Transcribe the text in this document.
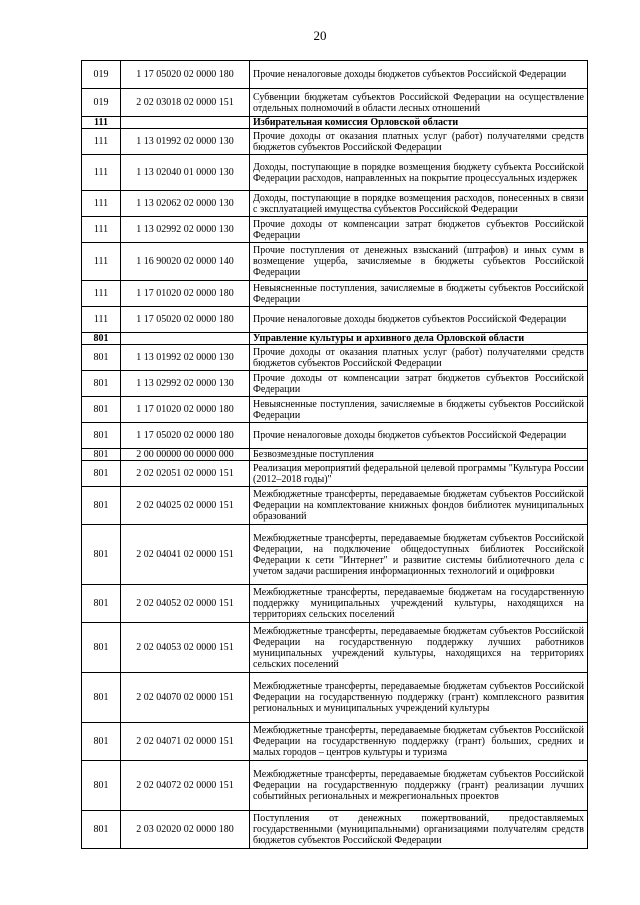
20
019	1 17 05020 02 0000 180	Прочие неналоговые доходы бюджетов субъектов Российской Федерации
019	2 02 03018 02 0000 151	Субвенции бюджетам субъектов Российской Федерации на осуществление отдельных полномочий в области лесных отношений
111		Избирательная комиссия Орловской области
111	1 13 01992 02 0000 130	Прочие доходы от оказания платных услуг (работ) получателями средств бюджетов субъектов Российской Федерации
111	1 13 02040 01 0000 130	Доходы, поступающие в порядке возмещения бюджету субъекта Российской Федерации расходов, направленных на покрытие процессуальных издержек
111	1 13 02062 02 0000 130	Доходы, поступающие в порядке возмещения расходов, понесенных в связи с эксплуатацией имущества субъектов Российской Федерации
111	1 13 02992 02 0000 130	Прочие доходы от компенсации затрат бюджетов субъектов Российской Федерации
111	1 16 90020 02 0000 140	Прочие поступления от денежных взысканий (штрафов) и иных сумм в возмещение ущерба, зачисляемые в бюджеты субъектов Российской Федерации
111	1 17 01020 02 0000 180	Невыясненные поступления, зачисляемые в бюджеты субъектов Российской Федерации
111	1 17 05020 02 0000 180	Прочие неналоговые доходы бюджетов субъектов Российской Федерации
801		Управление культуры и архивного дела Орловской области
801	1 13 01992 02 0000 130	Прочие доходы от оказания платных услуг (работ) получателями средств бюджетов субъектов Российской Федерации
801	1 13 02992 02 0000 130	Прочие доходы от компенсации затрат бюджетов субъектов Российской Федерации
801	1 17 01020 02 0000 180	Невыясненные поступления, зачисляемые в бюджеты субъектов Российской Федерации
801	1 17 05020 02 0000 180	Прочие неналоговые доходы бюджетов субъектов Российской Федерации
801	2 00 00000 00 0000 000	Безвозмездные поступления
801	2 02 02051 02 0000 151	Реализация мероприятий федеральной целевой программы "Культура России (2012–2018 годы)"
801	2 02 04025 02 0000 151	Межбюджетные трансферты, передаваемые бюджетам субъектов Российской Федерации на комплектование книжных фондов библиотек муниципальных образований
801	2 02 04041 02 0000 151	Межбюджетные трансферты, передаваемые бюджетам субъектов Российской Федерации, на подключение общедоступных библиотек Российской Федерации к сети "Интернет" и развитие системы библиотечного дела с учетом задачи расширения информационных технологий и оцифровки
801	2 02 04052 02 0000 151	Межбюджетные трансферты, передаваемые бюджетам на государственную поддержку муниципальных учреждений культуры, находящихся на территориях сельских поселений
801	2 02 04053 02 0000 151	Межбюджетные трансферты, передаваемые бюджетам субъектов Российской Федерации на государственную поддержку лучших работников муниципальных учреждений культуры, находящихся на территориях сельских поселений
801	2 02 04070 02 0000 151	Межбюджетные трансферты, передаваемые бюджетам субъектов Российской Федерации на государственную поддержку (грант) комплексного развития региональных и муниципальных учреждений культуры
801	2 02 04071 02 0000 151	Межбюджетные трансферты, передаваемые бюджетам субъектов Российской Федерации на государственную поддержку (грант) больших, средних и малых городов – центров культуры и туризма
801	2 02 04072 02 0000 151	Межбюджетные трансферты, передаваемые бюджетам субъектов Российской Федерации на государственную поддержку (грант) реализации лучших событийных региональных и межрегиональных проектов
801	2 03 02020 02 0000 180	Поступления от денежных пожертвований, предоставляемых государственными (муниципальными) организациями получателям средств бюджетов субъектов Российской Федерации
